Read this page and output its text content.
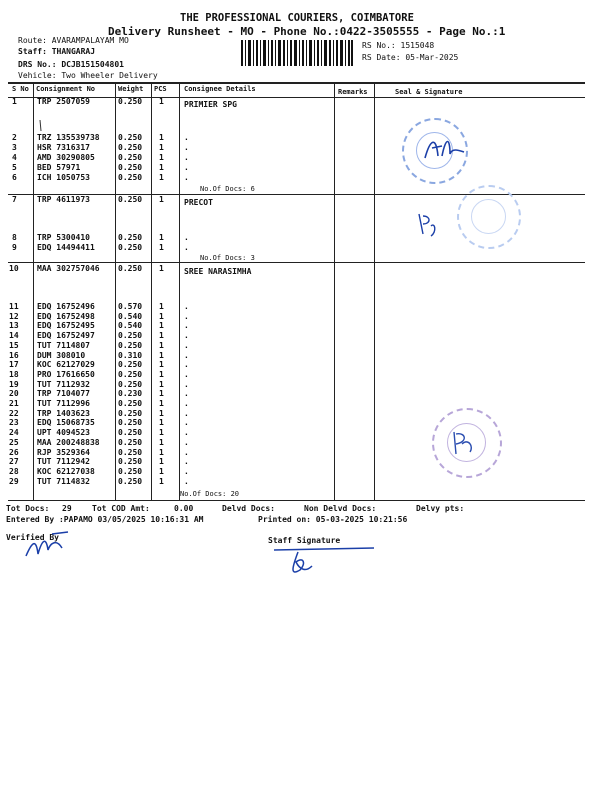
THE PROFESSIONAL COURIERS, COIMBATORE
Delivery Runsheet - MO - Phone No.:0422-3505555 - Page No.:1
Route: AVARAMPALAYAM MO
Staff: THANGARAJ
DRS No.: DCJB151504801
Vehicle: Two Wheeler Delivery
RS No.: 1515048
RS Date: 05-Mar-2025
S No Consignment No	Weight PCS Consignee Details	Remarks	Seal & Signature
PRIMIER SPG
1	TRP 2507059	0.250 1
2	TRZ 135539738 0.250 1	.
3	HSR 7316317	0.250 1	.
4	AMD 30290805	0.250 1	.
5	BED 57971	0.250 1	.
6	ICH 1050753	0.250 1	.
No.Of Docs: 6
PRECOT
7	TRP 4611973	0.250 1
8	TRP 5300410	0.250 1	.
9	EDQ 14494411	0.250 1	.
No.Of Docs: 3
SREE NARASIMHA
10 MAA 302757046 0.250 1
11 EDQ 16752496	0.570 1	.
12 EDQ 16752498	0.540 1	.
13 EDQ 16752495	0.540 1	.
14 EDQ 16752497	0.250 1	.
15 TUT 7114807	0.250 1	.
16 DUM 308010	0.310 1	.
17 KOC 62127029	0.250 1	.
18 PRO 17616650	0.250 1	.
19 TUT 7112932	0.250 1	.
20 TRP 7104077	0.230 1	.
21 TUT 7112996	0.250 1	.
22 TRP 1403623	0.250 1	.
23 EDQ 15068735	0.250 1	.
24 UPT 4094523	0.250 1	.
25 MAA 200248838 0.250 1	.
26 RJP 3529364	0.250 1	.
27 TUT 7112942	0.250 1	.
28 KOC 62127038	0.250 1	.
29 TUT 7114832	0.250 1	.
No.Of Docs: 20
Tot Docs: 29	Tot COD Amt:	0.00	Delvd Docs:	Non Delvd Docs:	Delvy pts:
Entered By :PAPAMO 03/05/2025 10:16:31 AM	Printed on: 05-03-2025 10:21:56
Verified By	Staff Signature
